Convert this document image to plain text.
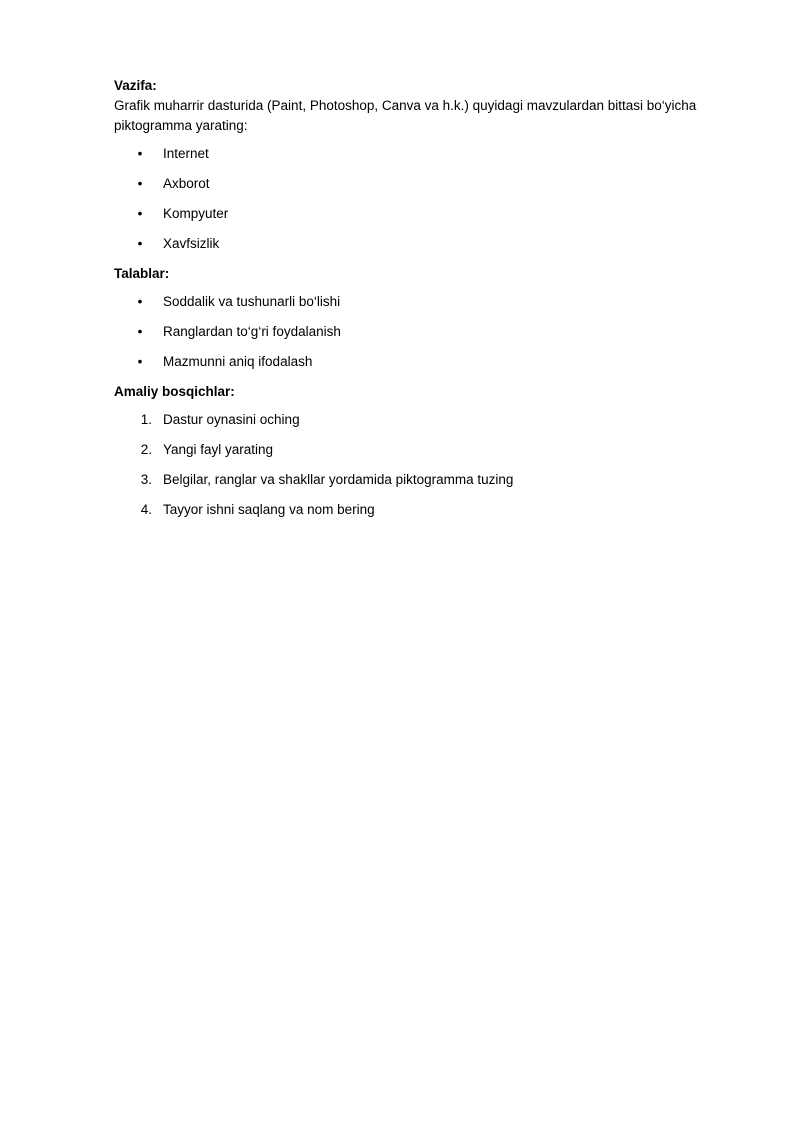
Vazifa:

Grafik muharrir dasturida (Paint, Photoshop, Canva va h.k.) quyidagi mavzulardan bittasi bo‘yicha piktogramma yarating:

• Internet
• Axborot
• Kompyuter
• Xavfsizlik

Talablar:

• Soddalik va tushunarli bo‘lishi
• Ranglardan to‘g‘ri foydalanish
• Mazmunni aniq ifodalash

Amaliy bosqichlar:

1. Dastur oynasini oching
2. Yangi fayl yarating
3. Belgilar, ranglar va shakllar yordamida piktogramma tuzing
4. Tayyor ishni saqlang va nom bering
